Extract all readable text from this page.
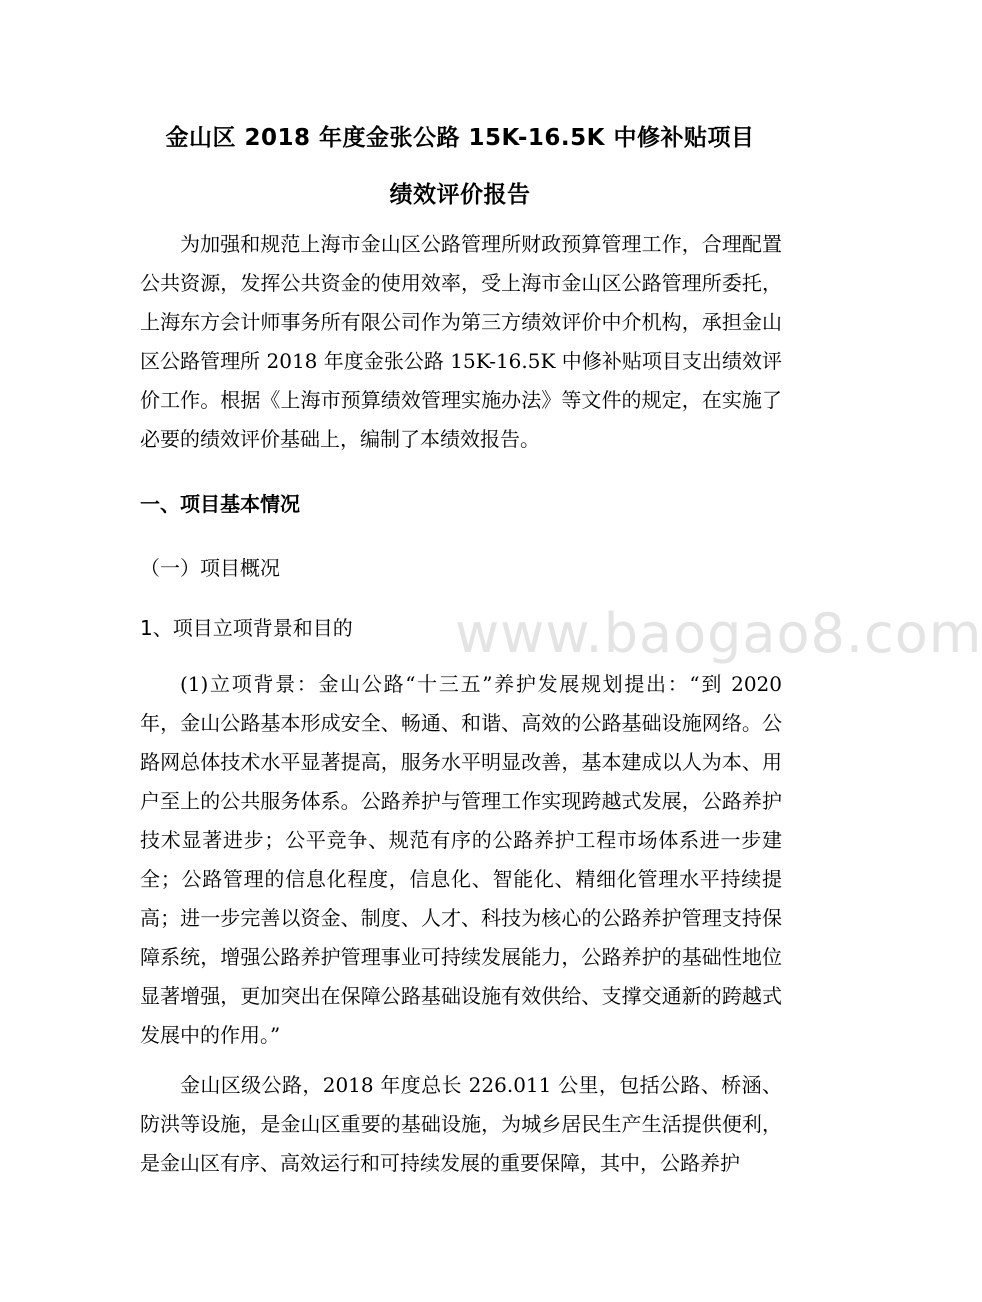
金山区 2018 年度金张公路 15K-16.5K 中修补贴项目
绩效评价报告
为加强和规范上海市金山区公路管理所财政预算管理工作，合理配置公共资源，发挥公共资金的使用效率，受上海市金山区公路管理所委托，上海东方会计师事务所有限公司作为第三方绩效评价中介机构，承担金山区公路管理所 2018 年度金张公路 15K-16.5K 中修补贴项目支出绩效评价工作。根据《上海市预算绩效管理实施办法》等文件的规定，在实施了必要的绩效评价基础上，编制了本绩效报告。
一、项目基本情况
（一）项目概况
1、项目立项背景和目的
(1)立项背景：金山公路“十三五”养护发展规划提出：“到 2020 年，金山公路基本形成安全、畅通、和谐、高效的公路基础设施网络。公路网总体技术水平显著提高，服务水平明显改善，基本建成以人为本、用户至上的公共服务体系。公路养护与管理工作实现跨越式发展，公路养护技术显著进步；公平竞争、规范有序的公路养护工程市场体系进一步建全；公路管理的信息化程度，信息化、智能化、精细化管理水平持续提高；进一步完善以资金、制度、人才、科技为核心的公路养护管理支持保障系统，增强公路养护管理事业可持续发展能力，公路养护的基础性地位显著增强，更加突出在保障公路基础设施有效供给、支撑交通新的跨越式发展中的作用。”
金山区级公路，2018 年度总长 226.011 公里，包括公路、桥涵、防洪等设施，是金山区重要的基础设施，为城乡居民生产生活提供便利，是金山区有序、高效运行和可持续发展的重要保障，其中，公路养护
www.baogao8.com
